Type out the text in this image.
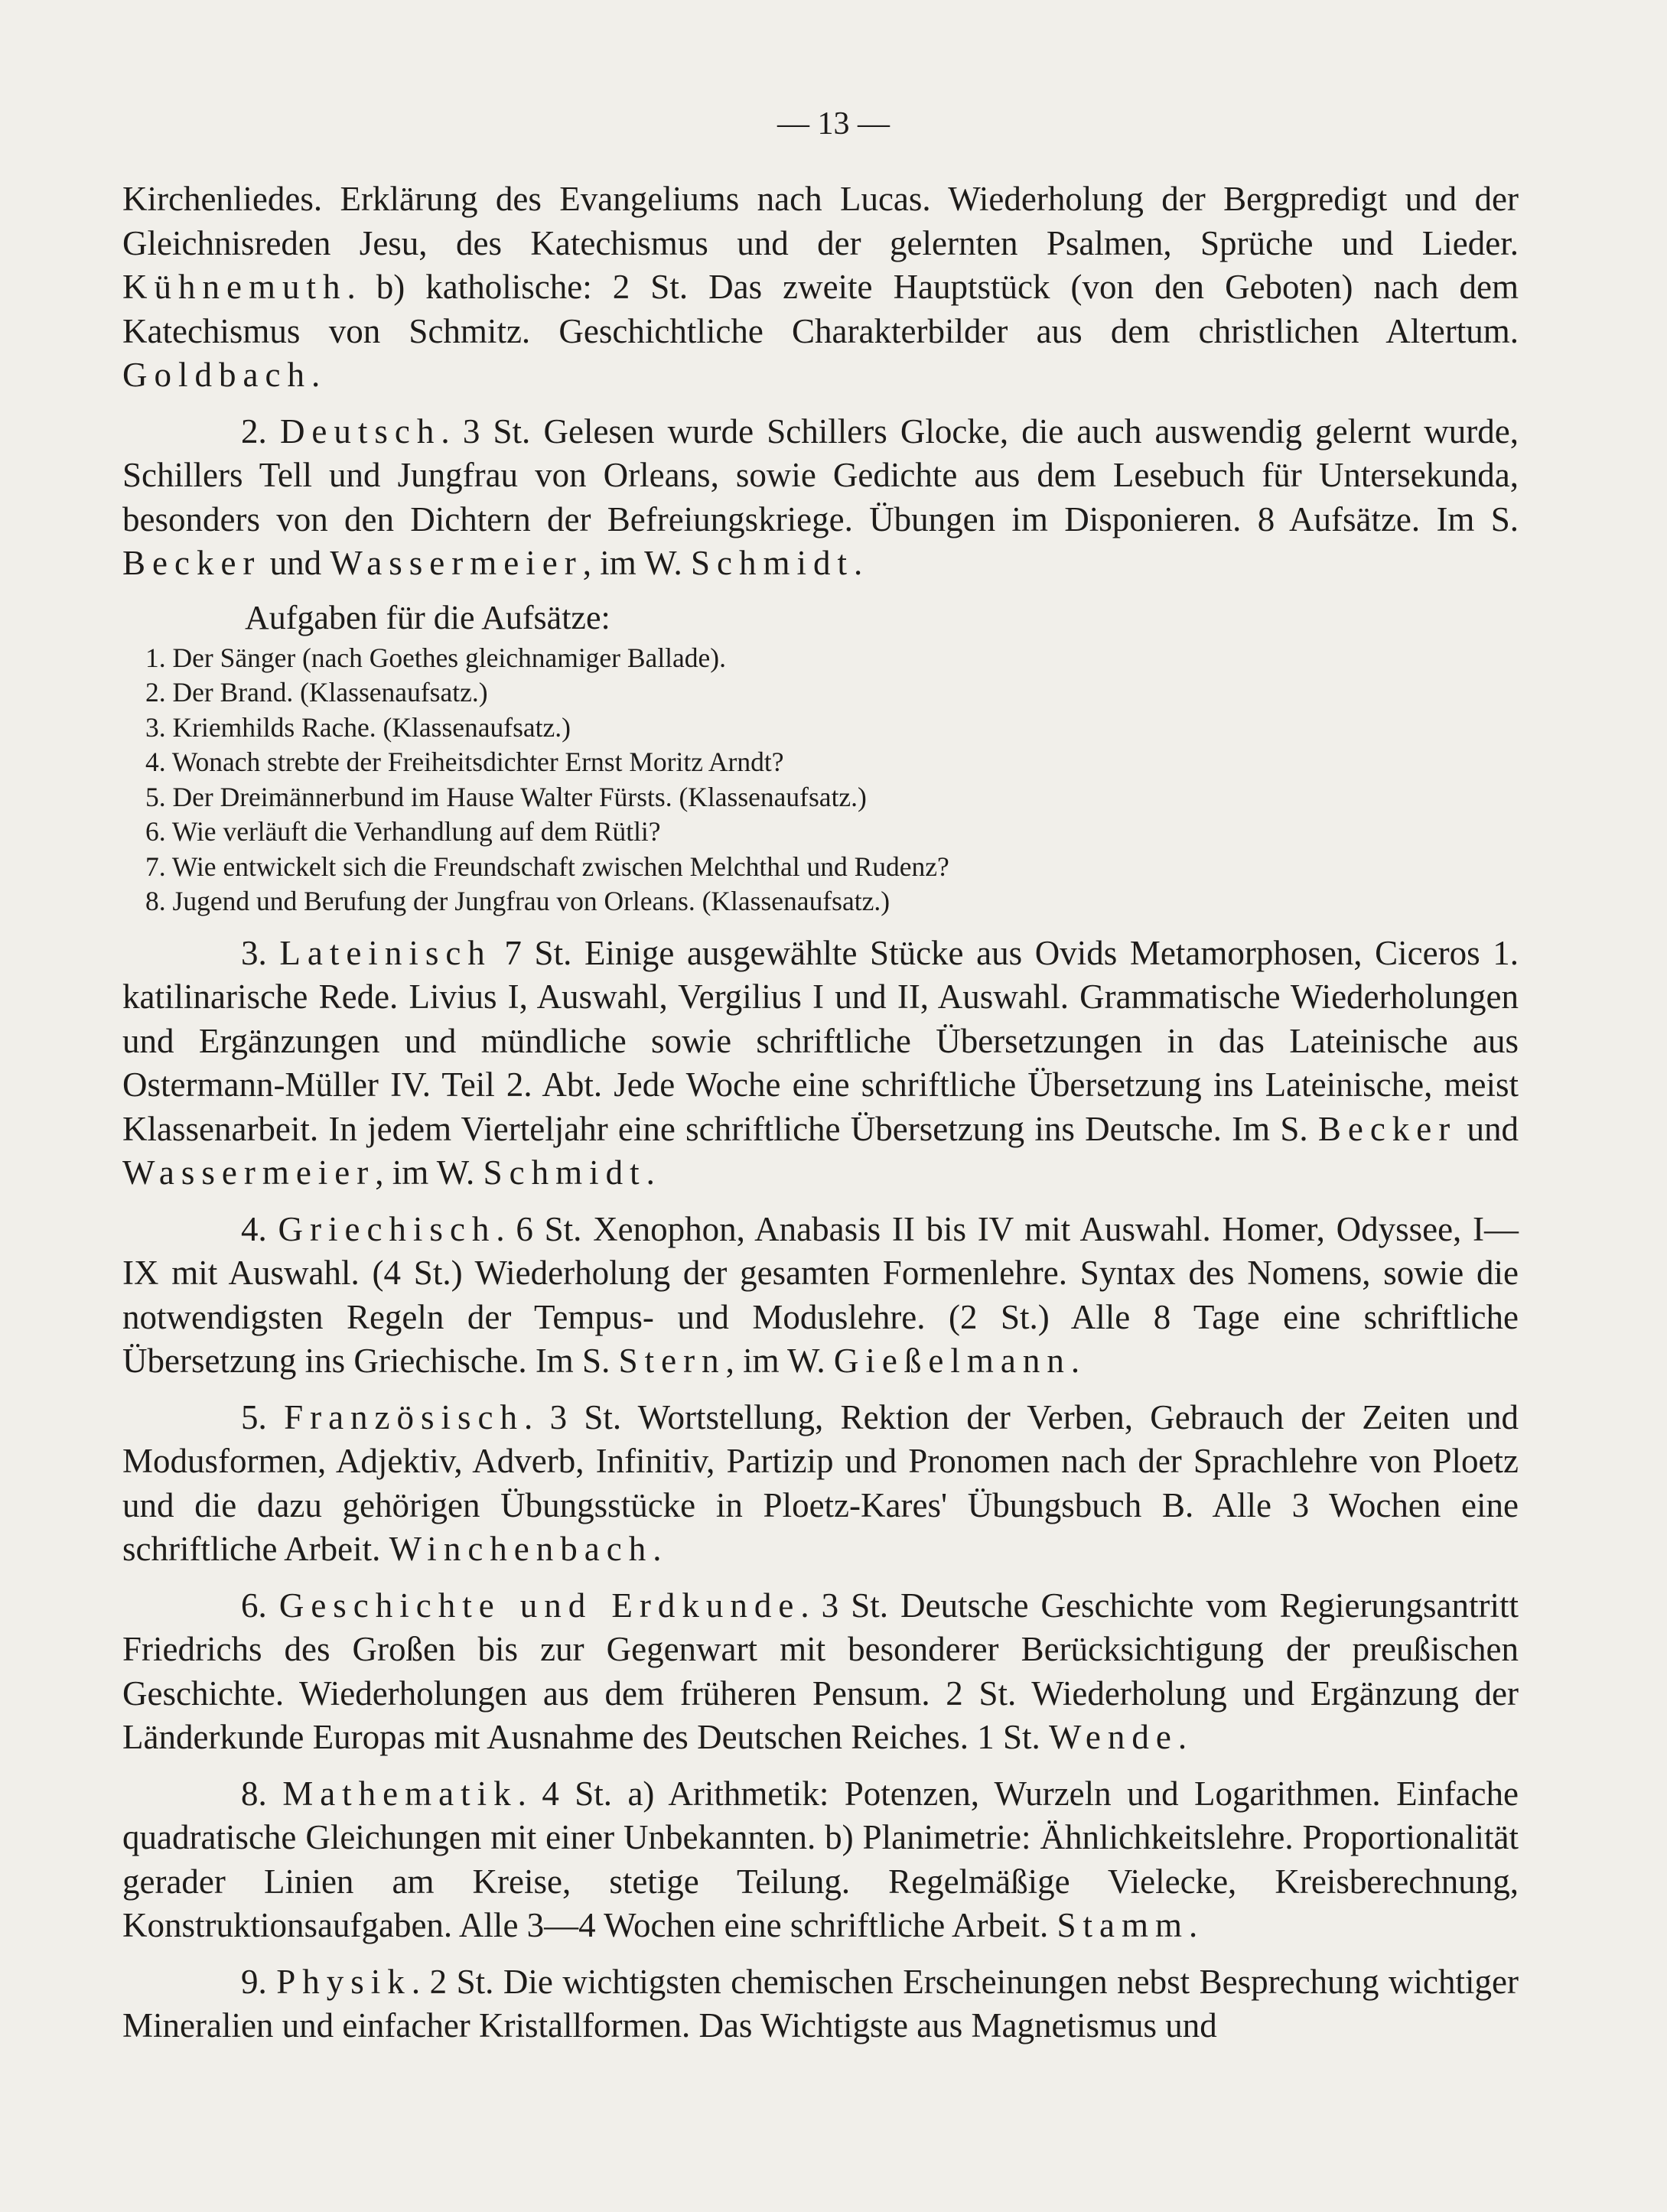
— 13 —

Kirchenliedes. Erklärung des Evangeliums nach Lucas. Wiederholung der Bergpredigt und der Gleichnisreden Jesu, des Katechismus und der gelernten Psalmen, Sprüche und Lieder. Kühnemuth. b) katholische: 2 St. Das zweite Hauptstück (von den Geboten) nach dem Katechismus von Schmitz. Geschichtliche Charakterbilder aus dem christlichen Altertum. Goldbach.

2. Deutsch. 3 St. Gelesen wurde Schillers Glocke, die auch auswendig gelernt wurde, Schillers Tell und Jungfrau von Orleans, sowie Gedichte aus dem Lesebuch für Untersekunda, besonders von den Dichtern der Befreiungskriege. Übungen im Disponieren. 8 Aufsätze. Im S. Becker und Wassermeier, im W. Schmidt.

Aufgaben für die Aufsätze:
1. Der Sänger (nach Goethes gleichnamiger Ballade).
2. Der Brand. (Klassenaufsatz.)
3. Kriemhilds Rache. (Klassenaufsatz.)
4. Wonach strebte der Freiheitsdichter Ernst Moritz Arndt?
5. Der Dreimännerbund im Hause Walter Fürsts. (Klassenaufsatz.)
6. Wie verläuft die Verhandlung auf dem Rütli?
7. Wie entwickelt sich die Freundschaft zwischen Melchthal und Rudenz?
8. Jugend und Berufung der Jungfrau von Orleans. (Klassenaufsatz.)

3. Lateinisch 7 St. Einige ausgewählte Stücke aus Ovids Metamorphosen, Ciceros 1. katilinarische Rede. Livius I, Auswahl, Vergilius I und II, Auswahl. Grammatische Wiederholungen und Ergänzungen und mündliche sowie schriftliche Übersetzungen in das Lateinische aus Ostermann-Müller IV. Teil 2. Abt. Jede Woche eine schriftliche Übersetzung ins Lateinische, meist Klassenarbeit. In jedem Vierteljahr eine schriftliche Übersetzung ins Deutsche. Im S. Becker und Wassermeier, im W. Schmidt.

4. Griechisch. 6 St. Xenophon, Anabasis II bis IV mit Auswahl. Homer, Odyssee, I—IX mit Auswahl. (4 St.) Wiederholung der gesamten Formenlehre. Syntax des Nomens, sowie die notwendigsten Regeln der Tempus- und Moduslehre. (2 St.) Alle 8 Tage eine schriftliche Übersetzung ins Griechische. Im S. Stern, im W. Gießelmann.

5. Französisch. 3 St. Wortstellung, Rektion der Verben, Gebrauch der Zeiten und Modusformen, Adjektiv, Adverb, Infinitiv, Partizip und Pronomen nach der Sprachlehre von Ploetz und die dazu gehörigen Übungsstücke in Ploetz-Kares' Übungsbuch B. Alle 3 Wochen eine schriftliche Arbeit. Winchenbach.

6. Geschichte und Erdkunde. 3 St. Deutsche Geschichte vom Regierungsantritt Friedrichs des Großen bis zur Gegenwart mit besonderer Berücksichtigung der preußischen Geschichte. Wiederholungen aus dem früheren Pensum. 2 St. Wiederholung und Ergänzung der Länderkunde Europas mit Ausnahme des Deutschen Reiches. 1 St. Wende.

8. Mathematik. 4 St. a) Arithmetik: Potenzen, Wurzeln und Logarithmen. Einfache quadratische Gleichungen mit einer Unbekannten. b) Planimetrie: Ähnlichkeitslehre. Proportionalität gerader Linien am Kreise, stetige Teilung. Regelmäßige Vielecke, Kreisberechnung, Konstruktionsaufgaben. Alle 3—4 Wochen eine schriftliche Arbeit. Stamm.

9. Physik. 2 St. Die wichtigsten chemischen Erscheinungen nebst Besprechung wichtiger Mineralien und einfacher Kristallformen. Das Wichtigste aus Magnetismus und
